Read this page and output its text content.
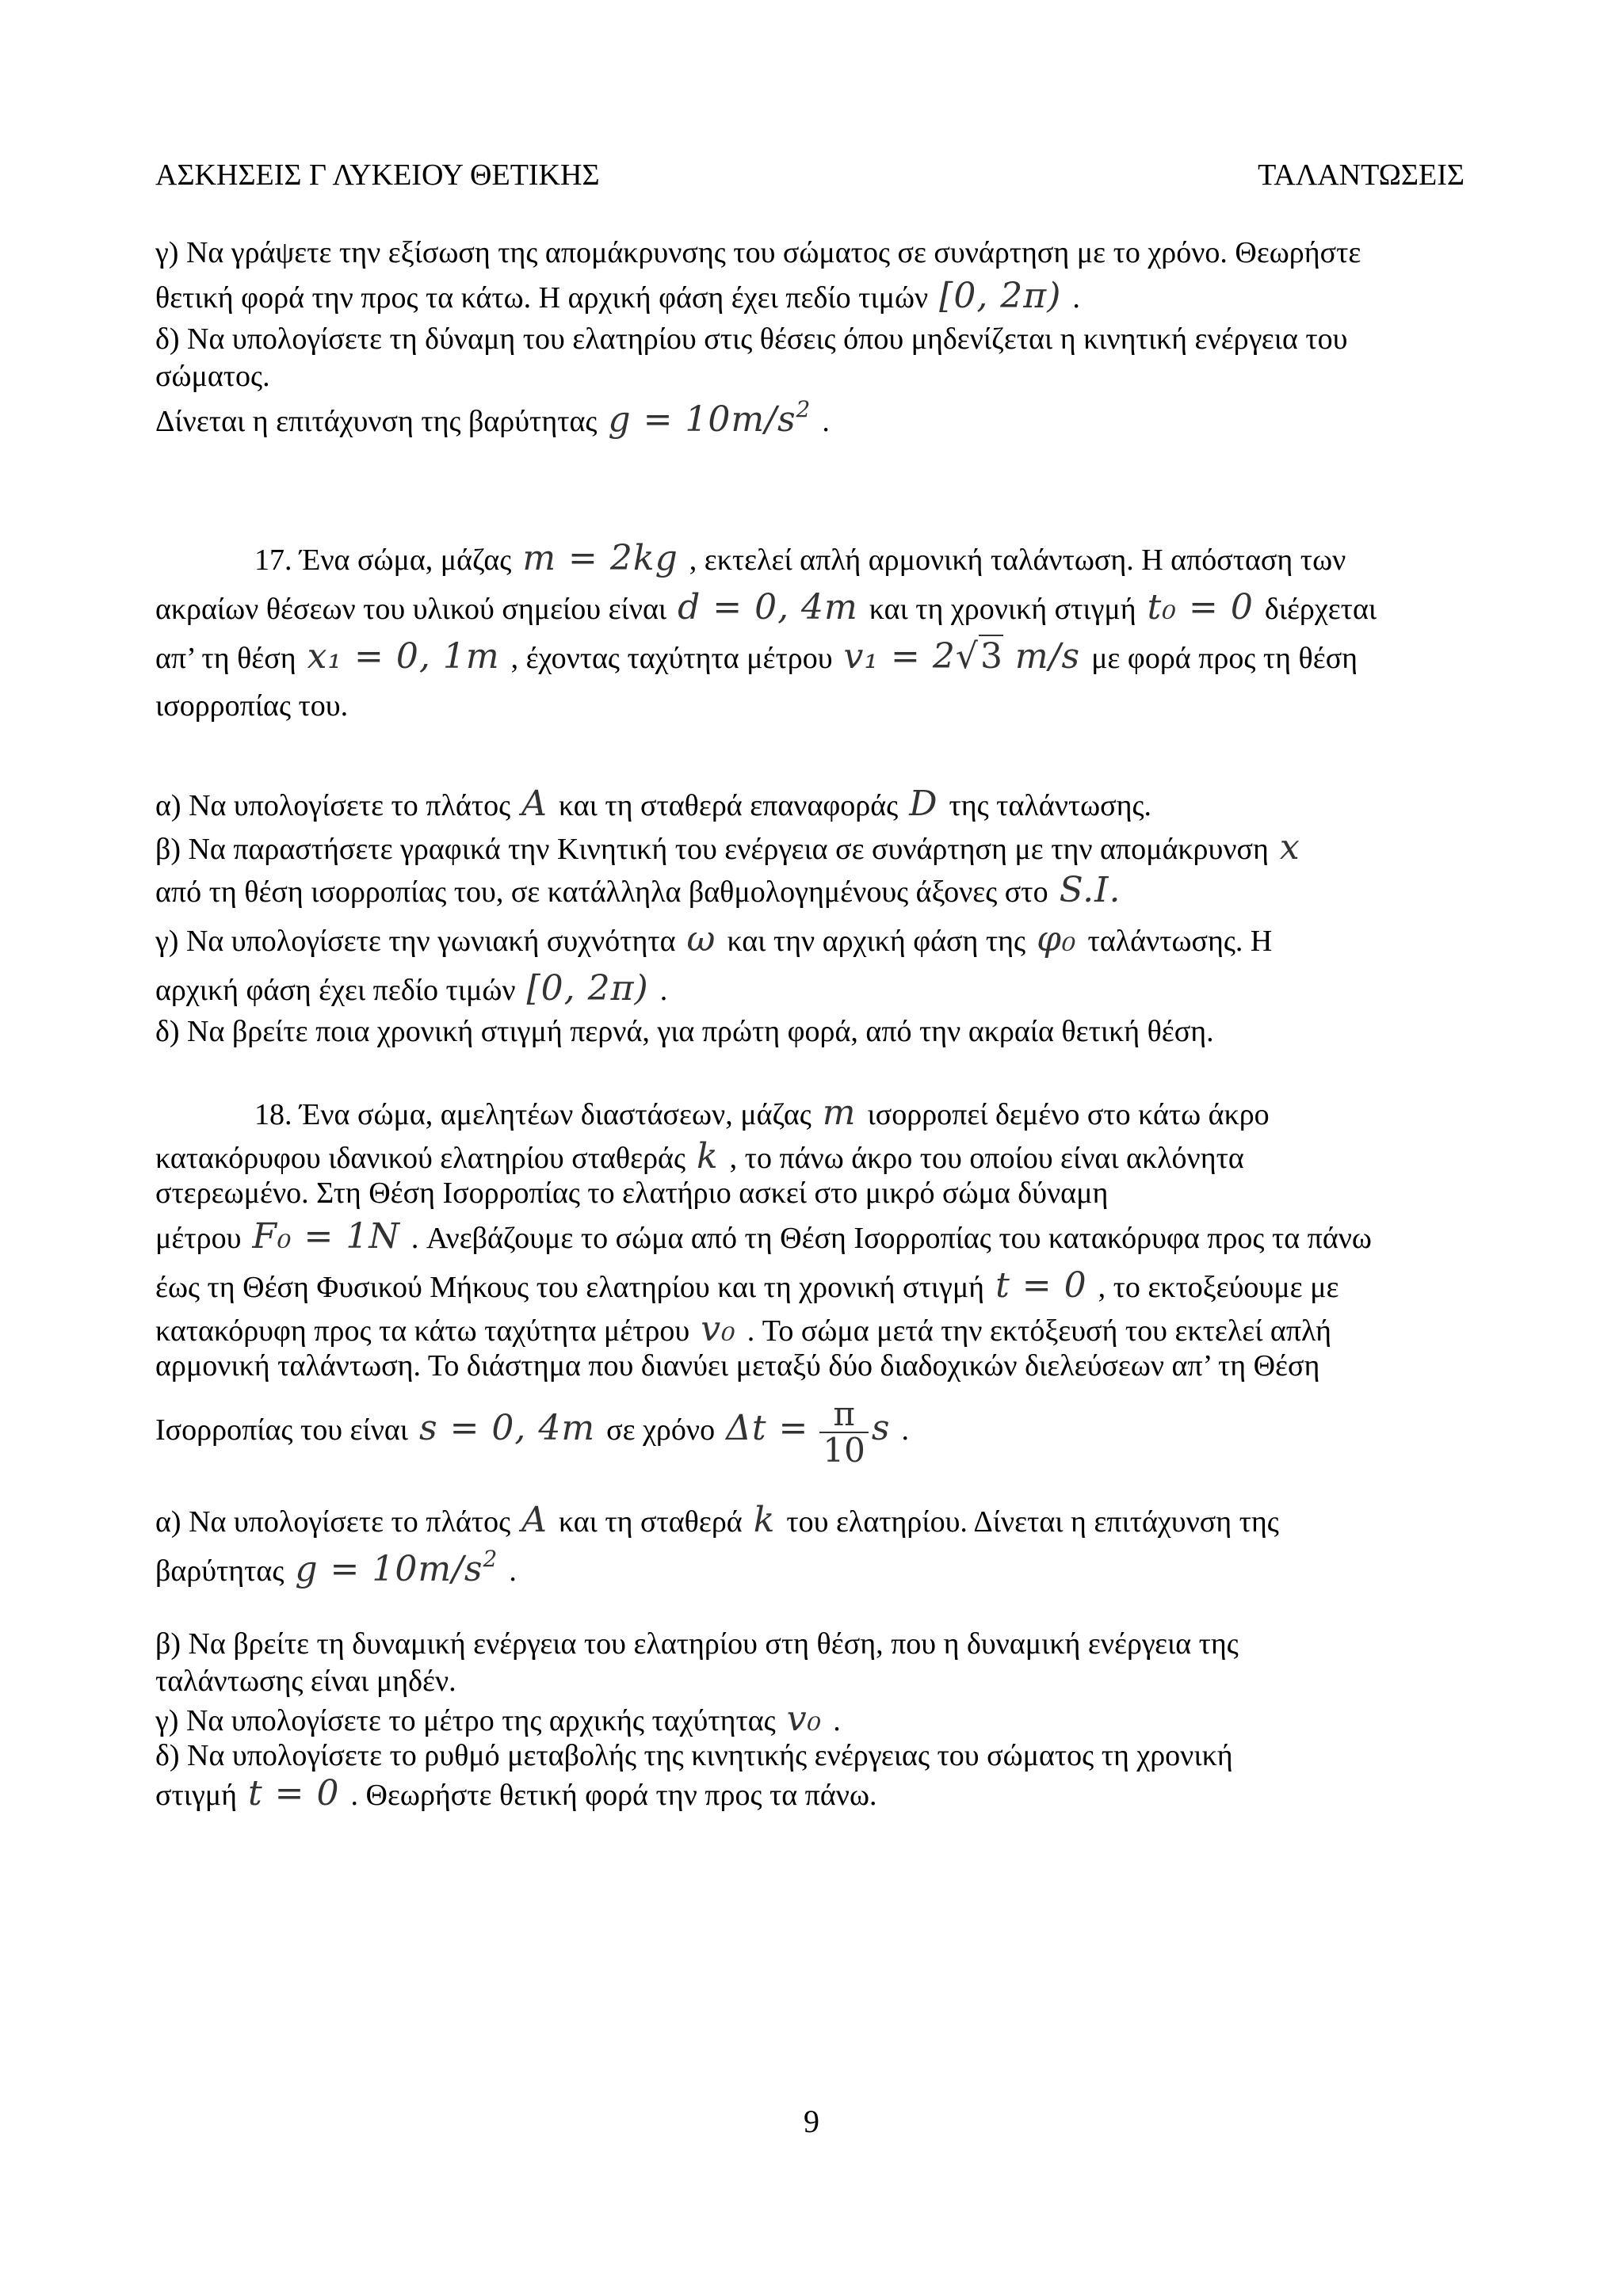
ΑΣΚΗΣΕΙΣ Γ ΛΥΚΕΙΟΥ ΘΕΤΙΚΗΣ	ΤΑΛΑΝΤΩΣΕΙΣ
γ) Να γράψετε την εξίσωση της απομάκρυνσης του σώματος σε συνάρτηση με το χρόνο. Θεωρήστε
θετική φορά την προς τα κάτω. Η αρχική φάση έχει πεδίο τιμών [0, 2π) .
δ) Να υπολογίσετε τη δύναμη του ελατηρίου στις θέσεις όπου μηδενίζεται η κινητική ενέργεια του
σώματος.
Δίνεται η επιτάχυνση της βαρύτητας $g = 10m/s^2$ .
17. Ένα σώμα, μάζας m = 2kg , εκτελεί απλή αρμονική ταλάντωση. Η απόσταση των
ακραίων θέσεων του υλικού σημείου είναι d = 0, 4m και τη χρονική στιγμή t₀ = 0 διέρχεται
απ’ τη θέση x₁ = 0, 1m , έχοντας ταχύτητα μέτρου v₁ = 2√3 m/s με φορά προς τη θέση
ισορροπίας του.
α) Να υπολογίσετε το πλάτος A και τη σταθερά επαναφοράς D της ταλάντωσης.
β) Να παραστήσετε γραφικά την Κινητική του ενέργεια σε συνάρτηση με την απομάκρυνση x
από τη θέση ισορροπίας του, σε κατάλληλα βαθμολογημένους άξονες στο S.I.
γ) Να υπολογίσετε την γωνιακή συχνότητα ω και την αρχική φάση της φ₀ ταλάντωσης. Η
αρχική φάση έχει πεδίο τιμών [0, 2π) .
δ) Να βρείτε ποια χρονική στιγμή περνά, για πρώτη φορά, από την ακραία θετική θέση.
18. Ένα σώμα, αμελητέων διαστάσεων, μάζας m ισορροπεί δεμένο στο κάτω άκρο
κατακόρυφου ιδανικού ελατηρίου σταθεράς k , το πάνω άκρο του οποίου είναι ακλόνητα
στερεωμένο. Στη Θέση Ισορροπίας το ελατήριο ασκεί στο μικρό σώμα δύναμη
μέτρου F₀ = 1N . Ανεβάζουμε το σώμα από τη Θέση Ισορροπίας του κατακόρυφα προς τα πάνω
έως τη Θέση Φυσικού Μήκους του ελατηρίου και τη χρονική στιγμή t = 0 , το εκτοξεύουμε με
κατακόρυφη προς τα κάτω ταχύτητα μέτρου v₀ . Το σώμα μετά την εκτόξευσή του εκτελεί απλή
αρμονική ταλάντωση. Το διάστημα που διανύει μεταξύ δύο διαδοχικών διελεύσεων απ’ τη Θέση
Ισορροπίας του είναι s = 0, 4m σε χρόνο $\Delta t = \frac{\pi}{10}$ s .
α) Να υπολογίσετε το πλάτος A και τη σταθερά k του ελατηρίου. Δίνεται η επιτάχυνση της
βαρύτητας $g = 10m/s^2$ .
β) Να βρείτε τη δυναμική ενέργεια του ελατηρίου στη θέση, που η δυναμική ενέργεια της
ταλάντωσης είναι μηδέν.
γ) Να υπολογίσετε το μέτρο της αρχικής ταχύτητας v₀ .
δ) Να υπολογίσετε το ρυθμό μεταβολής της κινητικής ενέργειας του σώματος τη χρονική
στιγμή t = 0 . Θεωρήστε θετική φορά την προς τα πάνω.
9
